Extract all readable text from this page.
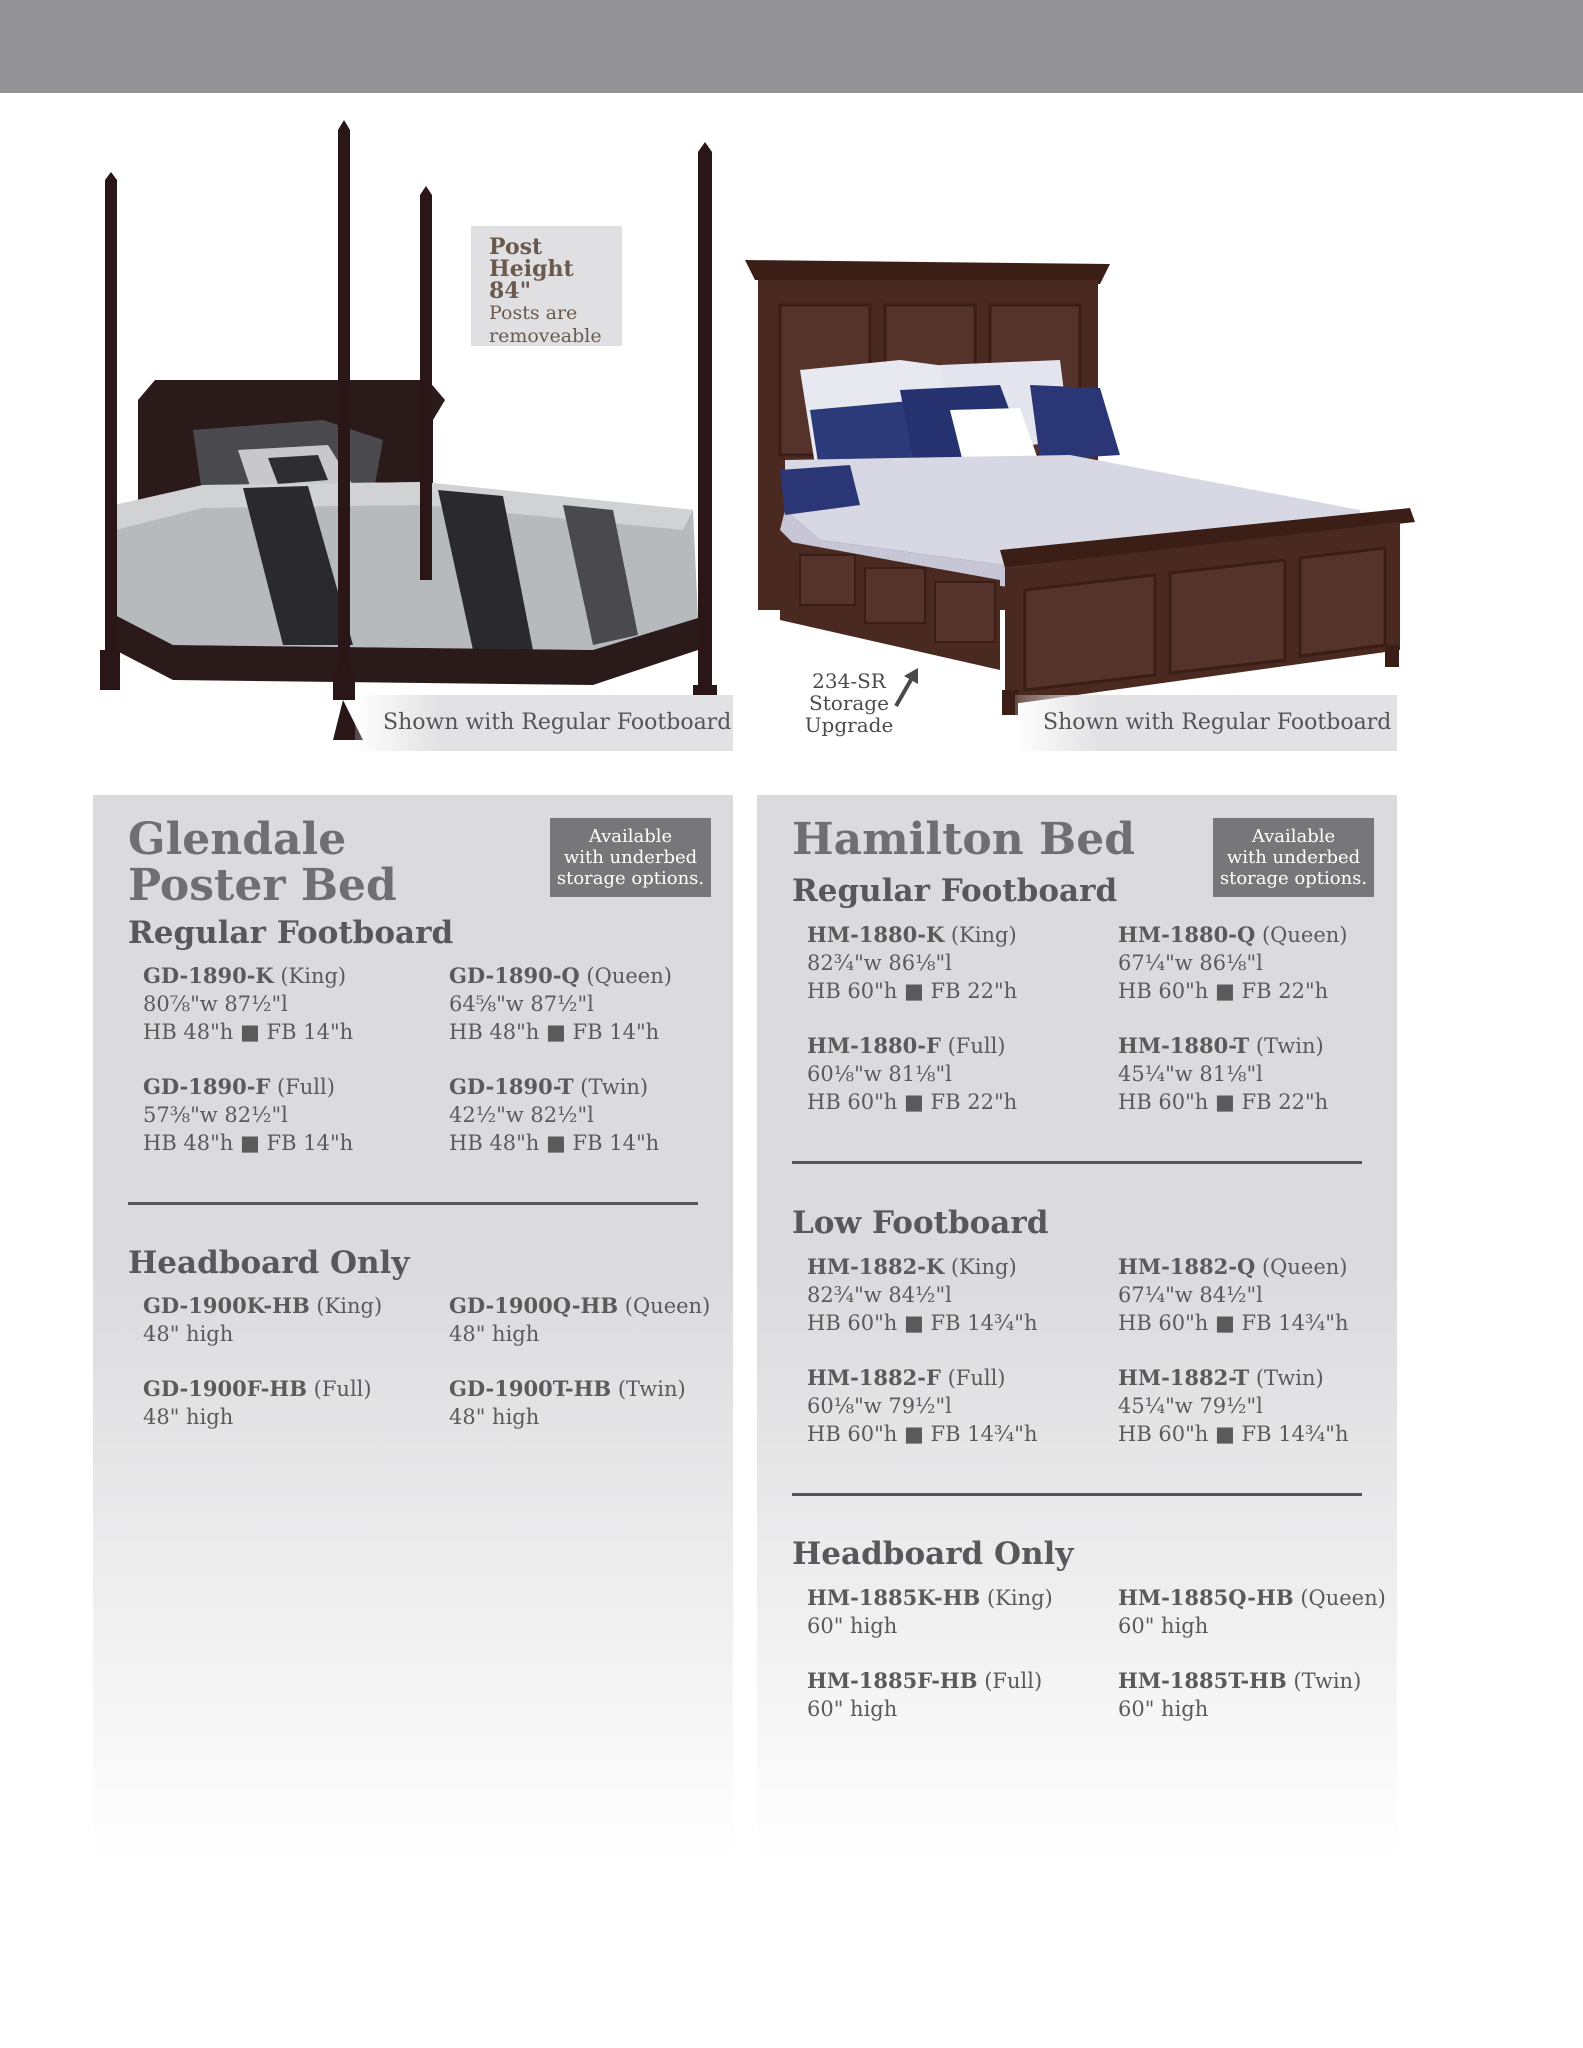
Post Height
84"
Posts are removeable
Shown with Regular Footboard
234-SR
Storage
Upgrade	Shown with Regular Footboard
Glendale
Poster Bed
Available
with underbed
storage options.
Regular Footboard
GD-1890-K (King)
80⅞"w 87½"l
HB 48"h ■ FB 14"h
GD-1890-Q (Queen)
64⅝"w 87½"l
HB 48"h ■ FB 14"h
GD-1890-F (Full)
57⅜"w 82½"l
HB 48"h ■ FB 14"h
GD-1890-T (Twin)
42½"w 82½"l
HB 48"h ■ FB 14"h
Headboard Only
GD-1900K-HB (King)
48" high
GD-1900Q-HB (Queen)
48" high
GD-1900F-HB (Full)
48" high
GD-1900T-HB (Twin)
48" high
Hamilton Bed	Available
with underbed
storage options.
Regular Footboard
HM-1880-K (King)
82¾"w 86⅛"l
HB 60"h ■ FB 22"h
HM-1880-Q (Queen)
67¼"w 86⅛"l
HB 60"h ■ FB 22"h
HM-1880-F (Full)
60⅛"w 81⅛"l
HB 60"h ■ FB 22"h
HM-1880-T (Twin)
45¼"w 81⅛"l
HB 60"h ■ FB 22"h
Low Footboard
HM-1882-K (King)
82¾"w 84½"l
HB 60"h ■ FB 14¾"h
HM-1882-Q (Queen)
67¼"w 84½"l
HB 60"h ■ FB 14¾"h
HM-1882-F (Full)
60⅛"w 79½"l
HB 60"h ■ FB 14¾"h
HM-1882-T (Twin)
45¼"w 79½"l
HB 60"h ■ FB 14¾"h
Headboard Only
HM-1885K-HB (King)
60" high
HM-1885Q-HB (Queen)
60" high
HM-1885F-HB (Full)
60" high
HM-1885T-HB (Twin)
60" high
